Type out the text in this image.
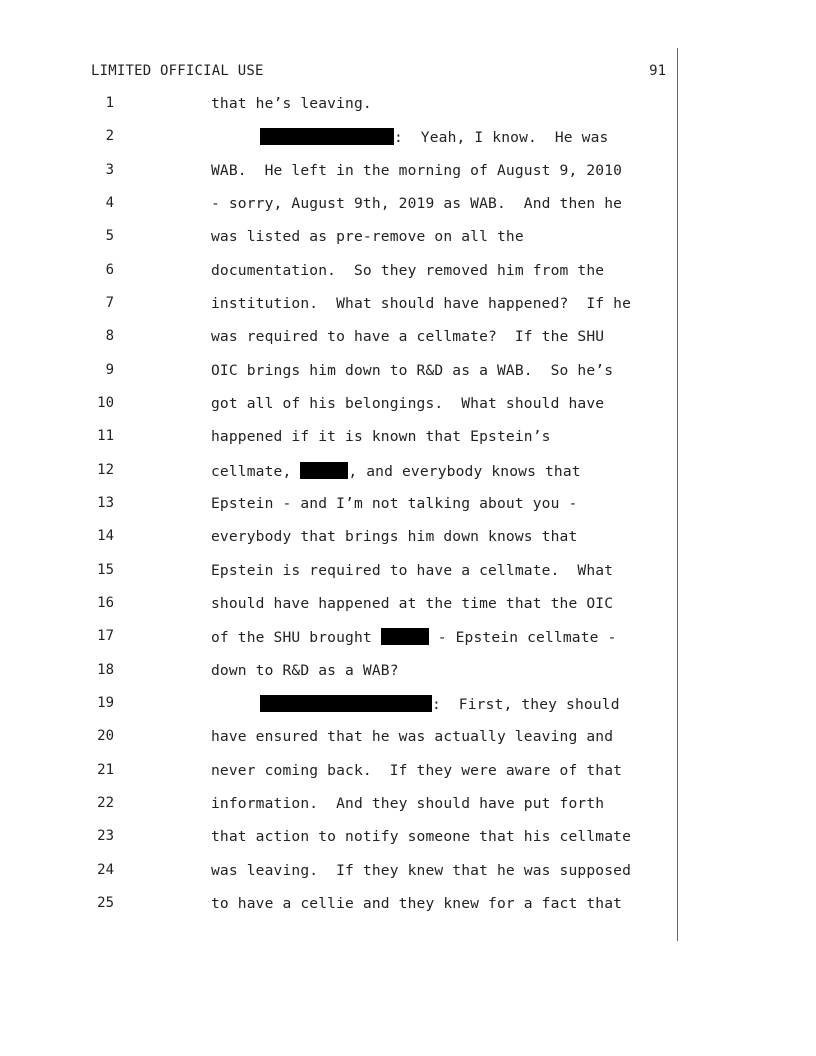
LIMITED OFFICIAL USE	91
1	that he’s leaving.
2	:  Yeah, I know.  He was
3	WAB.  He left in the morning of August 9, 2010
4	- sorry, August 9th, 2019 as WAB.  And then he
5	was listed as pre-remove on all the
6	documentation.  So they removed him from the
7	institution.  What should have happened?  If he
8	was required to have a cellmate?  If the SHU
9	OIC brings him down to R&D as a WAB.  So he’s
10	got all of his belongings.  What should have
11	happened if it is known that Epstein’s
12	cellmate,	, and everybody knows that
13	Epstein - and I’m not talking about you -
14	everybody that brings him down knows that
15	Epstein is required to have a cellmate.  What
16	should have happened at the time that the OIC
17	of the SHU brought	- Epstein cellmate -
18	down to R&D as a WAB?
19	:  First, they should
20	have ensured that he was actually leaving and
21	never coming back.  If they were aware of that
22	information.  And they should have put forth
23	that action to notify someone that his cellmate
24	was leaving.  If they knew that he was supposed
25	to have a cellie and they knew for a fact that
